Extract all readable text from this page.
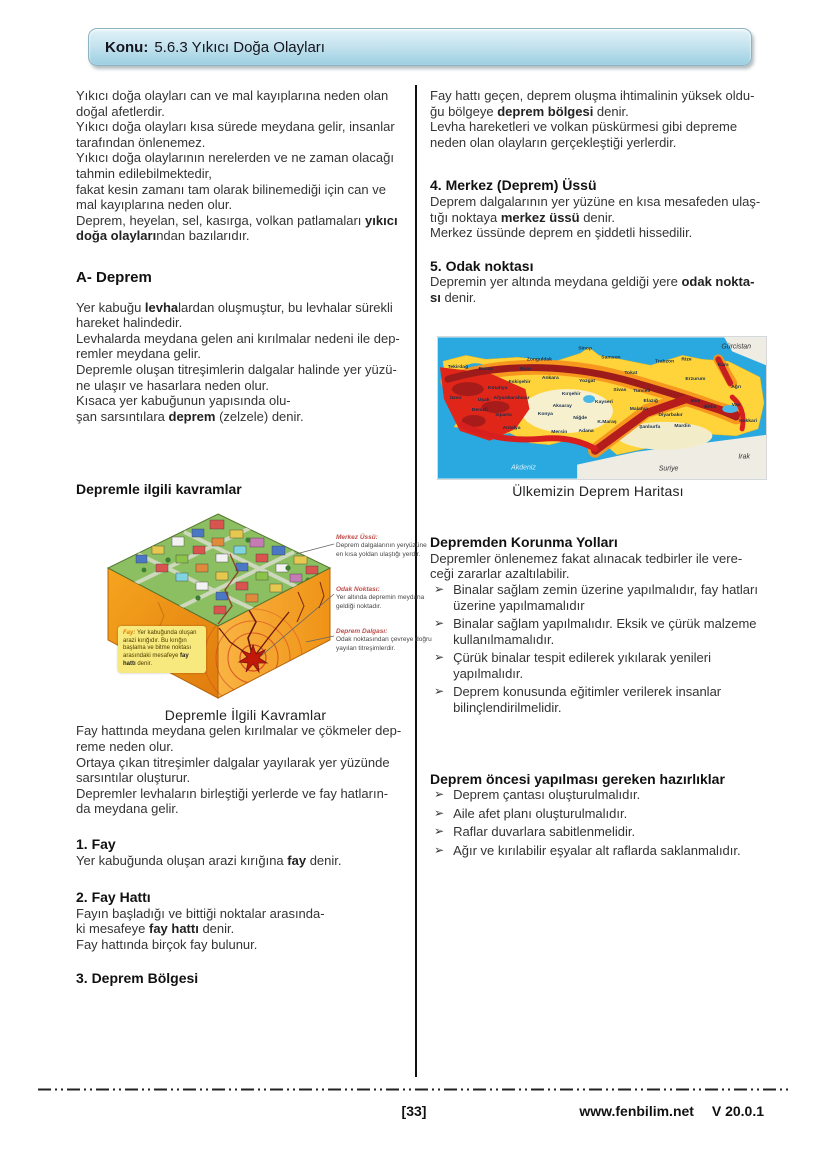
Konu: 5.6.3 Yıkıcı Doğa Olayları

Yıkıcı doğa olayları can ve mal kayıplarına neden olan
doğal afetlerdir.
Yıkıcı doğa olayları kısa sürede meydana gelir, insanlar
tarafından önlenemez.
Yıkıcı doğa olaylarının nerelerden ve ne zaman olacağı
tahmin edilebilmektedir,
fakat kesin zamanı tam olarak bilinemediği için can ve
mal kayıplarına neden olur.
Deprem, heyelan, sel, kasırga, volkan patlamaları yıkıcı
doğa olaylarından bazılarıdır.

A- Deprem

Yer kabuğu levhalardan oluşmuştur, bu levhalar sürekli
hareket halindedir.
Levhalarda meydana gelen ani kırılmalar nedeni ile dep-
remler meydana gelir.
Depremle oluşan titreşimlerin dalgalar halinde yer yüzü-
ne ulaşır ve hasarlara neden olur.
Kısaca yer kabuğunun yapısında olu-
şan sarsıntılara deprem (zelzele) denir.

Depremle ilgili kavramlar
Merkez Üssü:
Deprem dalgalarının yeryüzüne en kısa yoldan ulaştığı yerdir.
Odak Noktası:
Yer altında depremin meydana geldiği noktadır.
Deprem Dalgası:
Odak noktasından çevreye doğru yayılan titreşimlerdir.
Fay: Yer kabuğunda oluşan arazi kırığıdır. Bu kırığın başlama ve bitme noktası arasındaki mesafeye fay hattı denir.
Depremle İlgili Kavramlar

Fay hattında meydana gelen kırılmalar ve çökmeler dep-
reme neden olur.
Ortaya çıkan titreşimler dalgalar yayılarak yer yüzünde
sarsıntılar oluşturur.
Depremler levhaların birleştiği yerlerde ve fay hatların-
da meydana gelir.

1. Fay

Yer kabuğunda oluşan arazi kırığına fay denir.

2. Fay Hattı

Fayın başladığı ve bittiği noktalar arasında-
ki mesafeye fay hattı denir.
Fay hattında birçok fay bulunur.

3. Deprem Bölgesi

Fay hattı geçen, deprem oluşma ihtimalinin yüksek oldu-
ğu bölgeye deprem bölgesi denir.
Levha hareketleri ve volkan püskürmesi gibi depreme
neden olan olayların gerçekleştiği yerlerdir.

4. Merkez (Deprem) Üssü

Deprem dalgalarının yer yüzüne en kısa mesafeden ulaş-
tığı noktaya merkez üssü denir.
Merkez üssünde deprem en şiddetli hissedilir.

5. Odak noktası

Depremin yer altında meydana geldiği yere odak nokta-
sı denir.

Tekirdağ
Zonguldak
Sinop
Samsun
Tokat
Trabzon Rize
Kars
Erzurum
Ağrı
Van
Bolu
Bursa
Ankara
Eskişehir
Kütahya
Yozgat
Sivas
Kırşehir
Kayseri
Aksaray
Afyonkarahisar
Uşak
İzmir
Denizli
Isparta	Konya
Niğde
Antalya
Mersin Adana
K.Maraş
Malatya
Tunceli
Elazığ	Muş
Bitlis
Diyarbakır
Şanlıurfa	Mardin
Hakkari
Gürcistan
Suriye
Irak
Akdeniz
Ülkemizin Deprem Haritası
Depremden Korunma Yolları

Depremler önlenemez fakat alınacak tedbirler ile vere-
ceği zararlar azaltılabilir.

➢ Binalar sağlam zemin üzerine yapılmalıdır, fay hatları üzerine yapılmamalıdır
➢ Binalar sağlam yapılmalıdır. Eksik ve çürük malzeme kullanılmamalıdır.
➢ Çürük binalar tespit edilerek yıkılarak yenileri yapılmalıdır.
➢ Deprem konusunda eğitimler verilerek insanlar bilinçlendirilmelidir.
Deprem öncesi yapılması gereken hazırlıklar
➢ Deprem çantası oluşturulmalıdır.
➢ Aile afet planı oluşturulmalıdır.
➢ Raflar duvarlara sabitlenmelidir.
➢ Ağır ve kırılabilir eşyalar alt raflarda saklanmalıdır.
[33]	www.fenbilim.net V 20.0.1
